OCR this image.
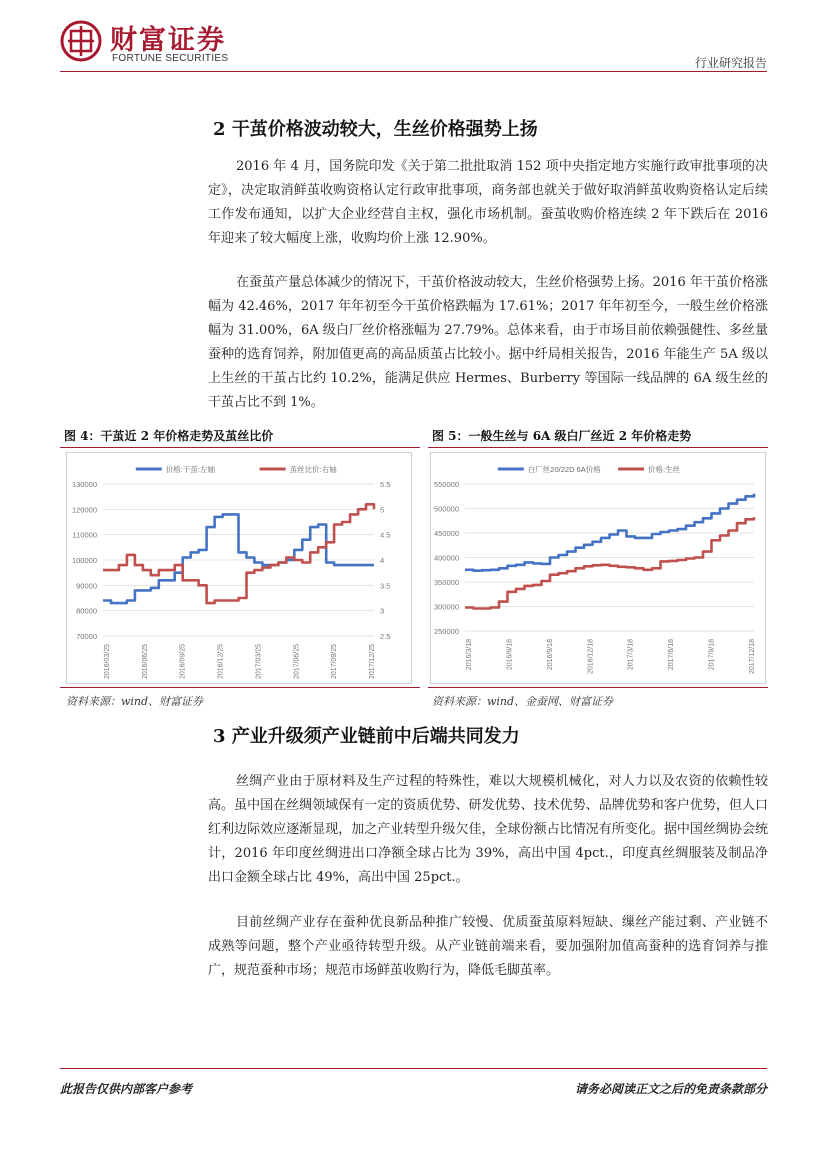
财富证券
FORTUNE SECURITIES	行业研究报告
2 干茧价格波动较大，生丝价格强势上扬

2016 年 4 月，国务院印发《关于第二批批取消 152 项中央指定地方实施行政审批事项的决定》，决定取消鲜茧收购资格认定行政审批事项，商务部也就关于做好取消鲜茧收购资格认定后续工作发布通知，以扩大企业经营自主权，强化市场机制。蚕茧收购价格连续 2 年下跌后在 2016 年迎来了较大幅度上涨，收购均价上涨 12.90%。

在蚕茧产量总体减少的情况下，干茧价格波动较大，生丝价格强势上扬。2016 年干茧价格涨幅为 42.46%，2017 年年初至今干茧价格跌幅为 17.61%；2017 年年初至今，一般生丝价格涨幅为 31.00%，6A 级白厂丝价格涨幅为 27.79%。总体来看，由于市场目前依赖强健性、多丝量蚕种的选育饲养，附加值更高的高品质茧占比较小。据中纤局相关报告，2016 年能生产 5A 级以上生丝的干茧占比约 10.2%，能满足供应 Hermes、Burberry 等国际一线品牌的 6A 级生丝的干茧占比不到 1%。

图 4：干茧近 2 年价格走势及茧丝比价
130000
120000
110000
100000
90000
80000
70000
5.5
5
4.5
4
3.5
3
2.5
2016/03/25	2016/06/25	2016/09/25	2016/12/25	2017/03/25	2017/06/25	2017/09/25	2017/12/25
价格:干茧:左轴	茧丝比价:右轴
资料来源：wind、财富证券
图 5：一般生丝与 6A 级白厂丝近 2 年价格走势
550000
500000
450000
400000
350000
300000
250000
2016/3/18	2016/6/18	2016/9/18	2016/12/18	2017/3/18	2017/6/18	2017/9/18	2017/12/18
白厂丝20/22D 6A价格	价格:生丝
资料来源：wind、金蚕网、财富证券
3 产业升级须产业链前中后端共同发力

丝绸产业由于原材料及生产过程的特殊性，难以大规模机械化，对人力以及农资的依赖性较高。虽中国在丝绸领域保有一定的资质优势、研发优势、技术优势、品牌优势和客户优势，但人口红利边际效应逐渐显现，加之产业转型升级欠佳，全球份额占比情况有所变化。据中国丝绸协会统计，2016 年印度丝绸进出口净额全球占比为 39%，高出中国 4pct.，印度真丝绸服装及制品净出口金额全球占比 49%，高出中国 25pct.。

目前丝绸产业存在蚕种优良新品种推广较慢、优质蚕茧原料短缺、缫丝产能过剩、产业链不成熟等问题，整个产业亟待转型升级。从产业链前端来看，要加强附加值高蚕种的选育饲养与推广，规范蚕种市场；规范市场鲜茧收购行为，降低毛脚茧率。

此报告仅供内部客户参考	请务必阅读正文之后的免责条款部分
